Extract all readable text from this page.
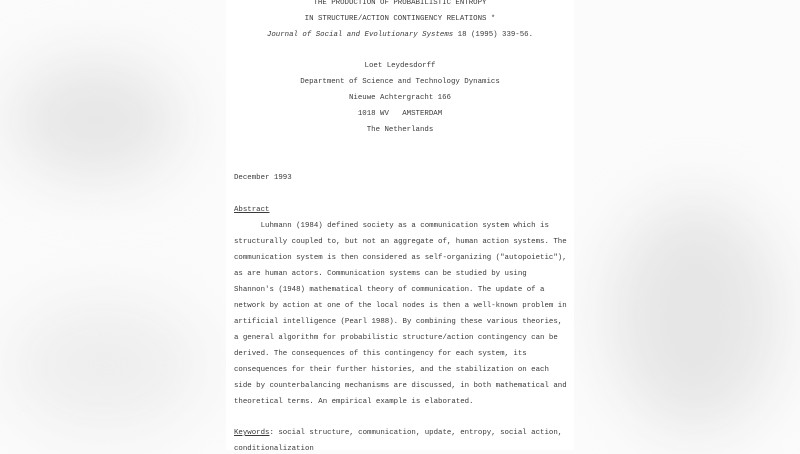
THE PRODUCTION OF PROBABILISTIC ENTROPY
IN STRUCTURE/ACTION CONTINGENCY RELATIONS *
Journal of Social and Evolutionary Systems 18 (1995) 339-56.
Loet Leydesdorff
Department of Science and Technology Dynamics
Nieuwe Achtergracht 166
1018 WV   AMSTERDAM
The Netherlands
December 1993
Abstract
Luhmann (1984) defined society as a communication system which is
structurally coupled to, but not an aggregate of, human action systems. The
communication system is then considered as self-organizing ("autopoietic"),
as are human actors. Communication systems can be studied by using
Shannon's (1948) mathematical theory of communication. The update of a
network by action at one of the local nodes is then a well-known problem in
artificial intelligence (Pearl 1988). By combining these various theories,
a general algorithm for probabilistic structure/action contingency can be
derived. The consequences of this contingency for each system, its
consequences for their further histories, and the stabilization on each
side by counterbalancing mechanisms are discussed, in both mathematical and
theoretical terms. An empirical example is elaborated.
Keywords: social structure, communication, update, entropy, social action,
conditionalization
